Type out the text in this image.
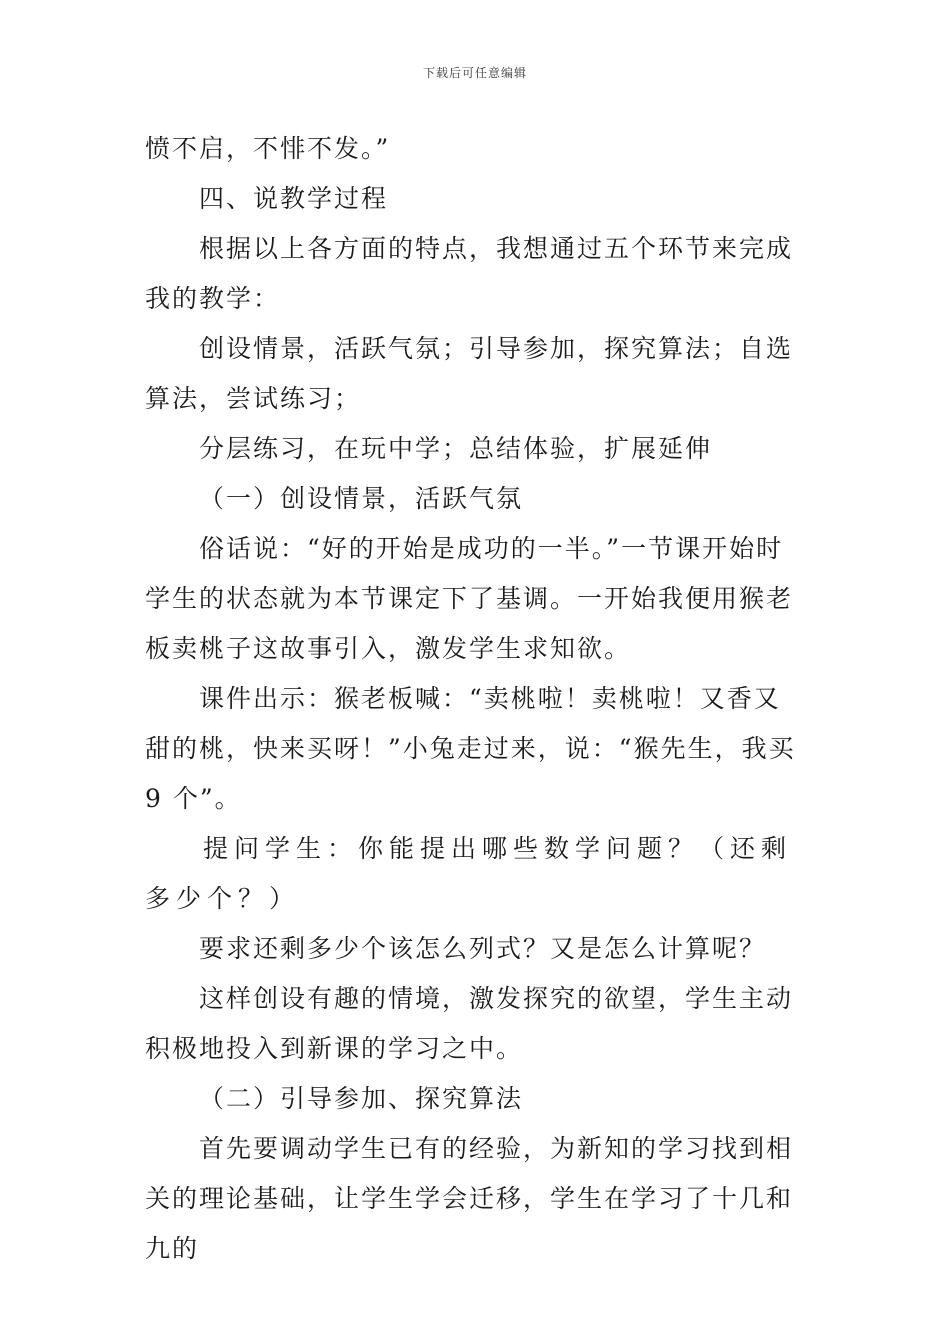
下载后可任意编辑

愤不启，不悱不发。”

四、说教学过程

根据以上各方面的特点，我想通过五个环节来完成我的教学：

创设情景，活跃气氛；引导参加，探究算法；自选算法，尝试练习；

分层练习，在玩中学；总结体验，扩展延伸

（一）创设情景，活跃气氛

俗话说：“好的开始是成功的一半。”一节课开始时学生的状态就为本节课定下了基调。一开始我便用猴老板卖桃子这故事引入，激发学生求知欲。

课件出示：猴老板喊：“卖桃啦！卖桃啦！又香又甜的桃，快来买呀！”小兔走过来，说：“猴先生，我买 9 个”。

提问学生：你能提出哪些数学问题？（还剩多少个？）

要求还剩多少个该怎么列式？又是怎么计算呢？

这样创设有趣的情境，激发探究的欲望，学生主动积极地投入到新课的学习之中。

（二）引导参加、探究算法

首先要调动学生已有的经验，为新知的学习找到相关的理论基础，让学生学会迁移，学生在学习了十几和九的
